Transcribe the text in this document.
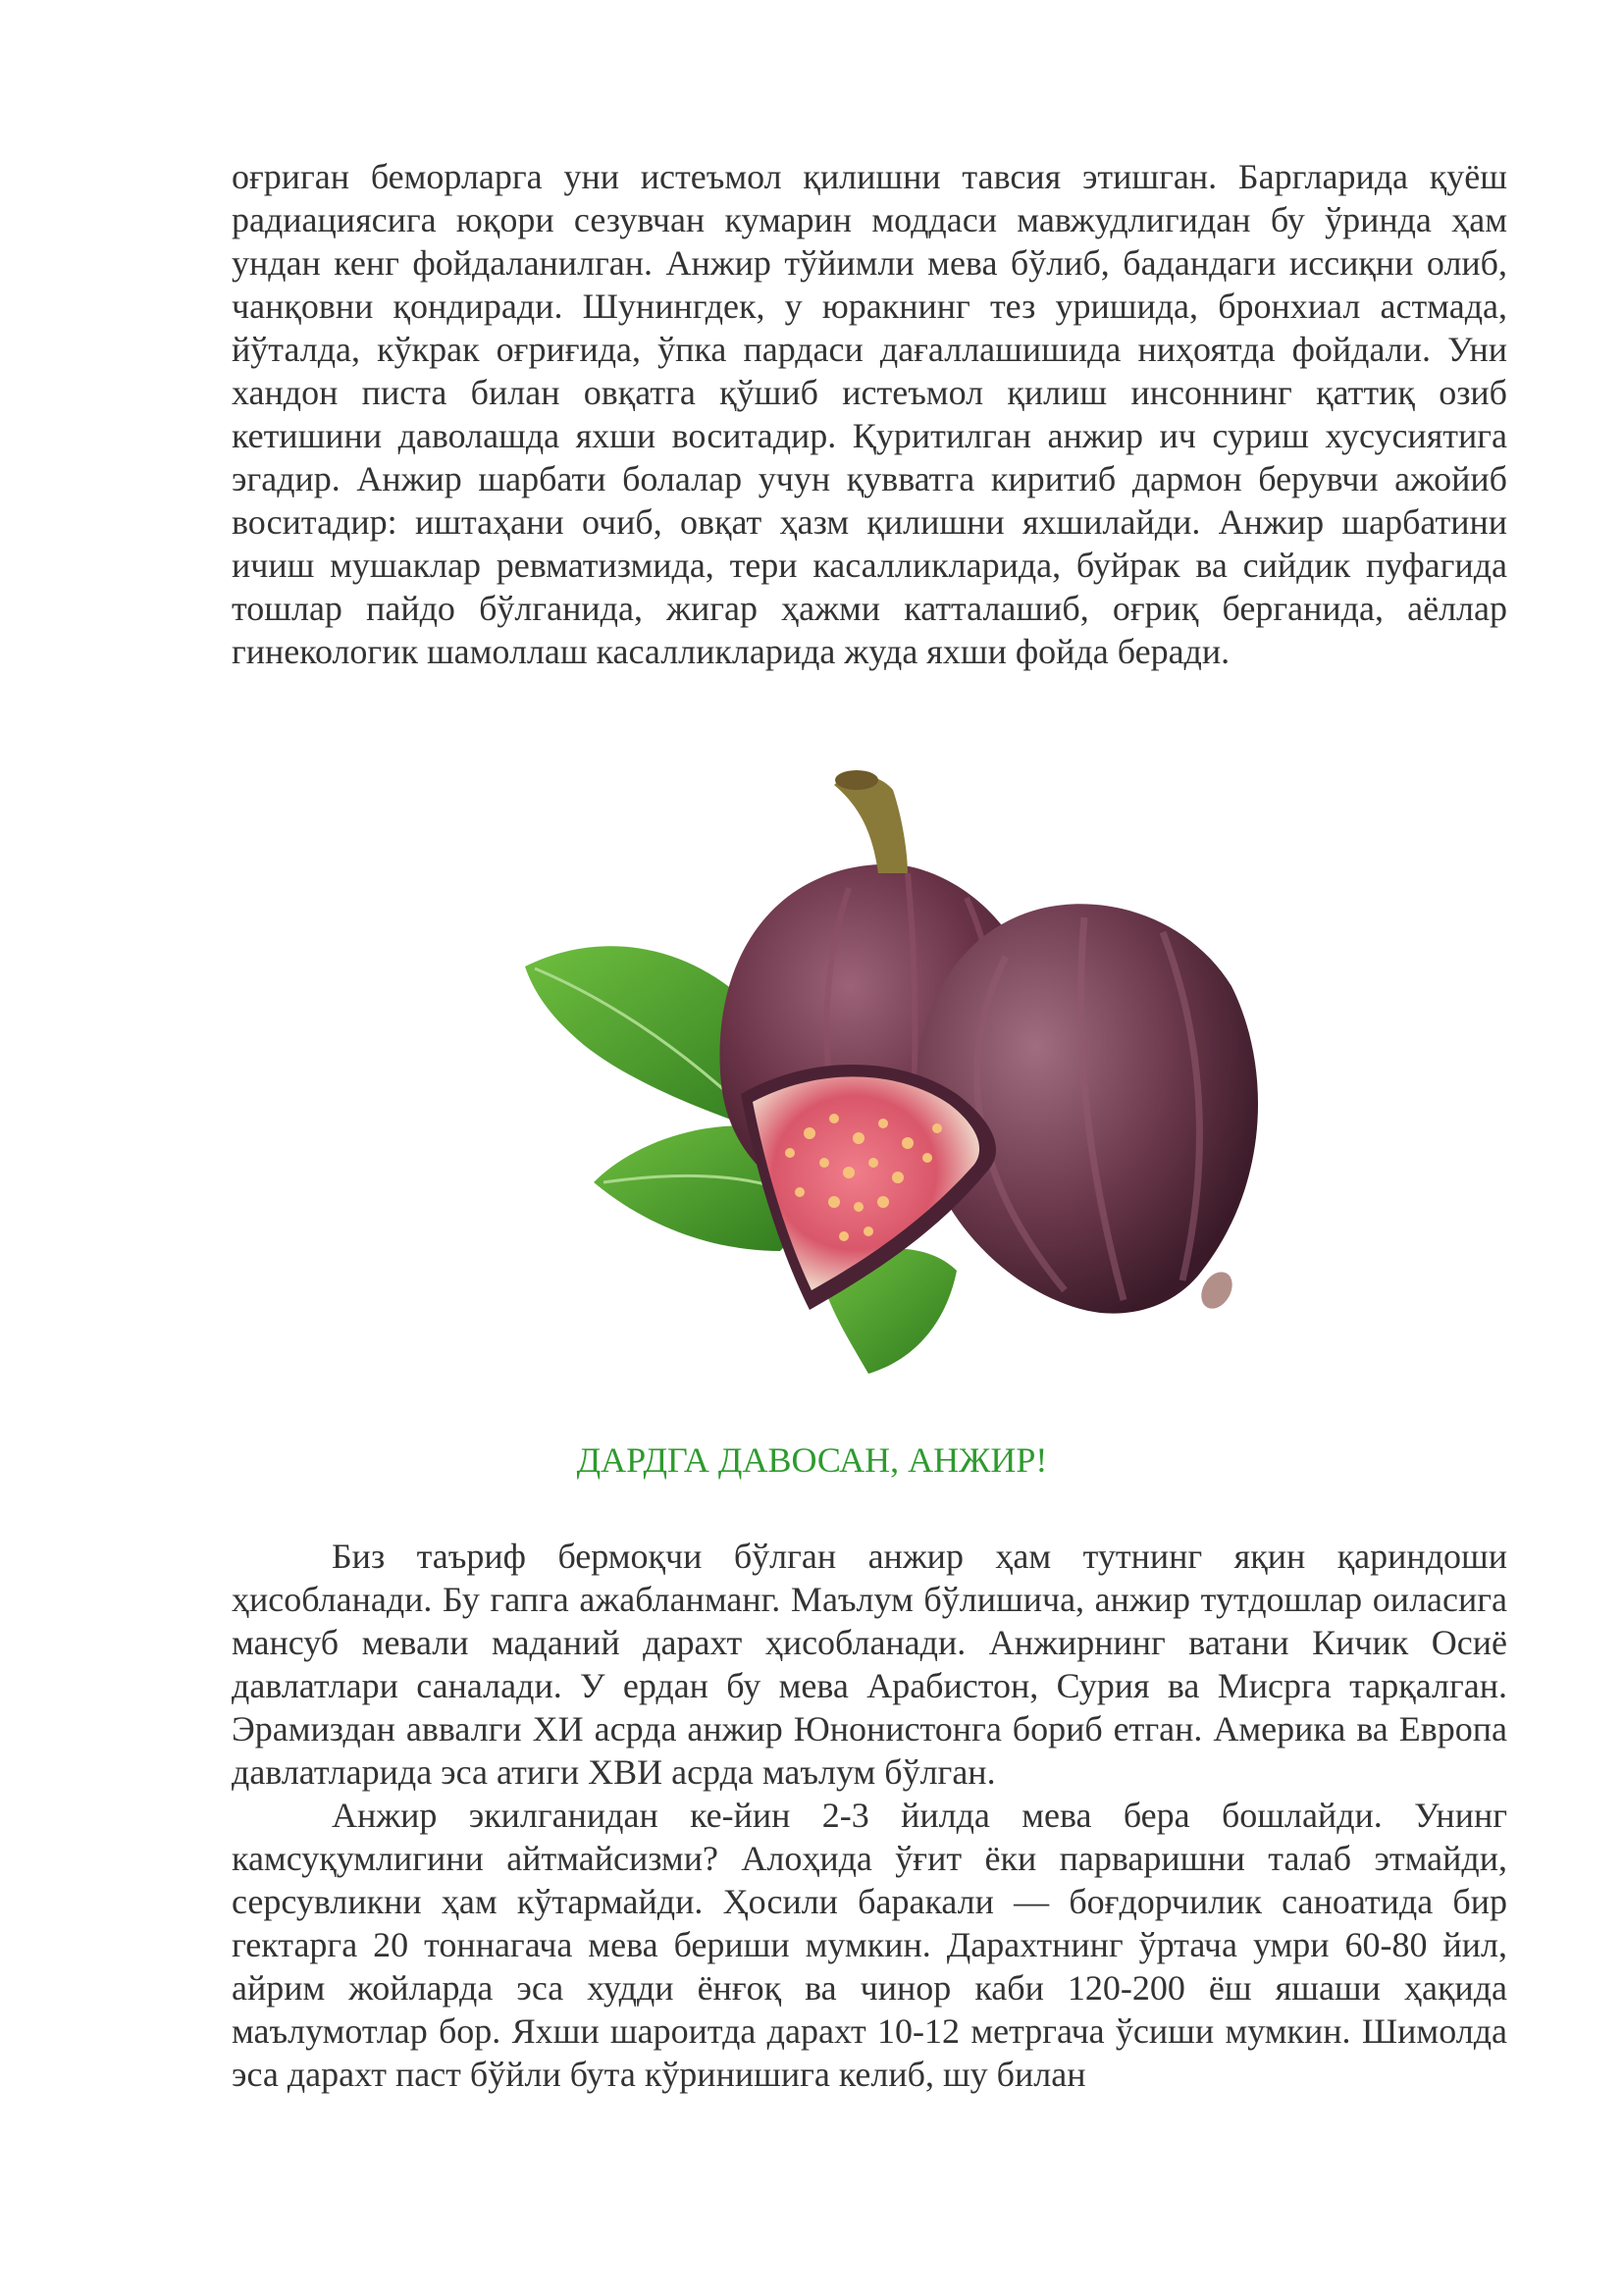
оғриган беморларга уни истеъмол қилишни тавсия этишган. Баргларида қуёш радиациясига юқори сезувчан кумарин моддаси мавжудлигидан бу ўринда ҳам ундан кенг фойдаланилган. Анжир тўйимли мева бўлиб, бадандаги иссиқни олиб, чанқовни қондиради. Шунингдек, у юракнинг тез уришида, бронхиал астмада, йўталда, кўкрак оғриғида, ўпка пардаси дағаллашишида ниҳоятда фойдали. Уни хандон писта билан овқатга қўшиб истеъмол қилиш инсоннинг қаттиқ озиб кетишини даволашда яхши воситадир. Қуритилган анжир ич суриш хусусиятига эгадир. Анжир шарбати болалар учун қувватга киритиб дармон берувчи ажойиб воситадир: иштаҳани очиб, овқат ҳазм қилишни яхшилайди. Анжир шарбатини ичиш мушаклар ревматизмида, тери касалликларида, буйрак ва сийдик пуфагида тошлар пайдо бўлганида, жигар ҳажми катталашиб, оғриқ берганида, аёллар гинекологик шамоллаш касалликларида жуда яхши фойда беради.

ДАРДГА ДАВОСАН, АНЖИР!

Биз таъриф бермоқчи бўлган анжир ҳам тутнинг яқин қариндоши ҳисобланади. Бу гапга ажабланманг. Маълум бўлишича, анжир тутдошлар оиласига мансуб мевали маданий дарахт ҳисобланади. Анжирнинг ватани Кичик Осиё давлатлари саналади. У ердан бу мева Арабистон, Сурия ва Мисрга тарқалган. Эрамиздан аввалги ХИ асрда анжир Юнонистонга бориб етган. Америка ва Европа давлатларида эса атиги ХВИ асрда маълум бўлган.

Анжир экилганидан ке-йин 2-3 йилда мева бера бошлайди. Унинг камсуқумлигини айтмайсизми? Алоҳида ўғит ёки парваришни талаб этмайди, серсувликни ҳам кўтармайди. Ҳосили баракали — боғдорчилик саноатида бир гектарга 20 тоннагача мева бериши мумкин. Дарахтнинг ўртача умри 60-80 йил, айрим жойларда эса худди ёнғоқ ва чинор каби 120-200 ёш яшаши ҳақида маълумотлар бор. Яхши шароитда дарахт 10-12 метргача ўсиши мумкин. Шимолда эса дарахт паст бўйли бута кўринишига келиб, шу билан
